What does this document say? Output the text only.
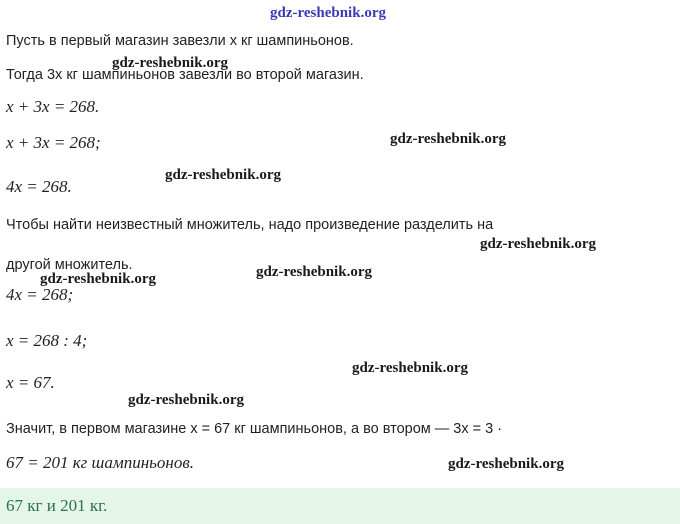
Пусть в первый магазин завезли x кг шампиньонов.
Тогда 3x кг шампиньонов завезли во второй магазин.
x + 3x = 268.
x + 3x = 268;
4x = 268.
Чтобы найти неизвестный множитель, надо произведение разделить на
другой множитель.
4x = 268;
x = 268 : 4;
x = 67.
Значит, в первом магазине x = 67 кг шампиньонов, а во втором — 3x = 3 ·
67 = 201 кг шампиньонов.
gdz-reshebnik.org
gdz-reshebnik.org
gdz-reshebnik.org
gdz-reshebnik.org
gdz-reshebnik.org
gdz-reshebnik.org
gdz-reshebnik.org
gdz-reshebnik.org
gdz-reshebnik.org
gdz-reshebnik.org
67 кг и 201 кг.
